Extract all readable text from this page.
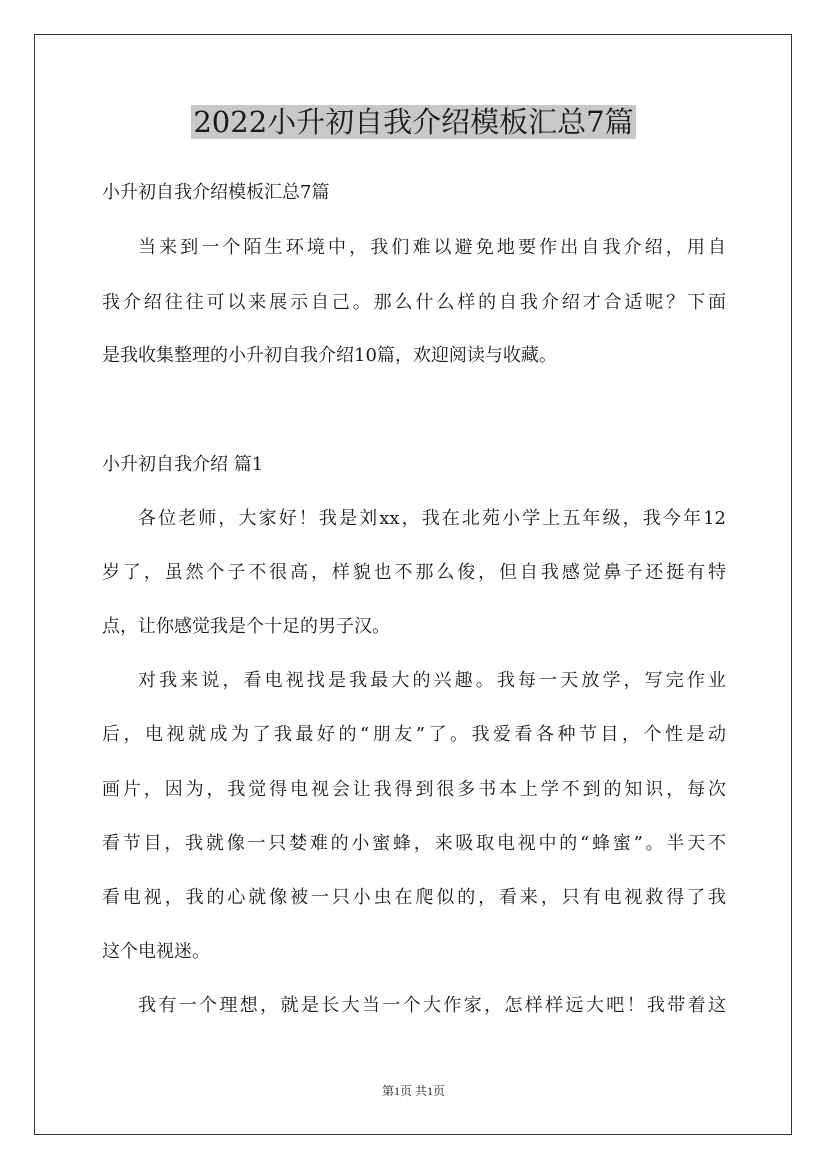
2022小升初自我介绍模板汇总7篇

小升初自我介绍模板汇总7篇

当来到一个陌生环境中，我们难以避免地要作出自我介绍，用自

我介绍往往可以来展示自己。那么什么样的自我介绍才合适呢？下面

是我收集整理的小升初自我介绍10篇，欢迎阅读与收藏。

小升初自我介绍 篇1

各位老师，大家好！我是刘xx，我在北苑小学上五年级，我今年12

岁了，虽然个子不很高，样貌也不那么俊，但自我感觉鼻子还挺有特

点，让你感觉我是个十足的男子汉。

对我来说，看电视找是我最大的兴趣。我每一天放学，写完作业

后，电视就成为了我最好的“朋友”了。我爱看各种节目，个性是动

画片，因为，我觉得电视会让我得到很多书本上学不到的知识，每次

看节目，我就像一只婪难的小蜜蜂，来吸取电视中的“蜂蜜”。半天不

看电视，我的心就像被一只小虫在爬似的，看来，只有电视救得了我

这个电视迷。

我有一个理想，就是长大当一个大作家，怎样样远大吧！我带着这

第1页 共1页
